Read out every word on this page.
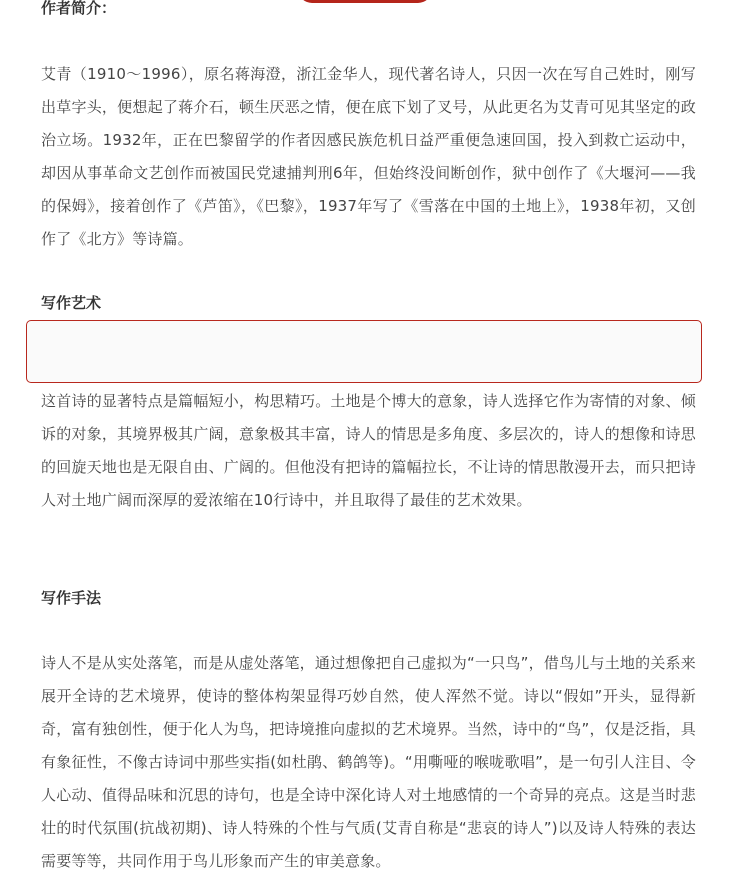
作者简介：

艾青（1910～1996），原名蒋海澄，浙江金华人，现代著名诗人，只因一次在写自己姓时，刚写出草字头，便想起了蒋介石，顿生厌恶之情，便在底下划了叉号，从此更名为艾青可见其坚定的政治立场。1932年，正在巴黎留学的作者因感民族危机日益严重便急速回国，投入到救亡运动中，却因从事革命文艺创作而被国民党逮捕判刑6年，但始终没间断创作，狱中创作了《大堰河——我的保姆》，接着创作了《芦笛》，《巴黎》，1937年写了《雪落在中国的土地上》，1938年初，又创作了《北方》等诗篇。

写作艺术

这首诗的显著特点是篇幅短小，构思精巧。土地是个博大的意象，诗人选择它作为寄情的对象、倾诉的对象，其境界极其广阔，意象极其丰富，诗人的情思是多角度、多层次的，诗人的想像和诗思的回旋天地也是无限自由、广阔的。但他没有把诗的篇幅拉长，不让诗的情思散漫开去，而只把诗人对土地广阔而深厚的爱浓缩在10行诗中，并且取得了最佳的艺术效果。

写作手法

诗人不是从实处落笔，而是从虚处落笔，通过想像把自己虚拟为“一只鸟”，借鸟儿与土地的关系来展开全诗的艺术境界，使诗的整体构架显得巧妙自然，使人浑然不觉。诗以“假如”开头，显得新奇，富有独创性，便于化人为鸟，把诗境推向虚拟的艺术境界。当然，诗中的“鸟”，仅是泛指，具有象征性，不像古诗词中那些实指(如杜鹃、鹤鸽等)。“用嘶哑的喉咙歌唱”，是一句引人注目、令人心动、值得品味和沉思的诗句，也是全诗中深化诗人对土地感情的一个奇异的亮点。这是当时悲壮的时代氛围(抗战初期)、诗人特殊的个性与气质(艾青自称是“悲哀的诗人”)以及诗人特殊的表达需要等等，共同作用于鸟儿形象而产生的审美意象。
